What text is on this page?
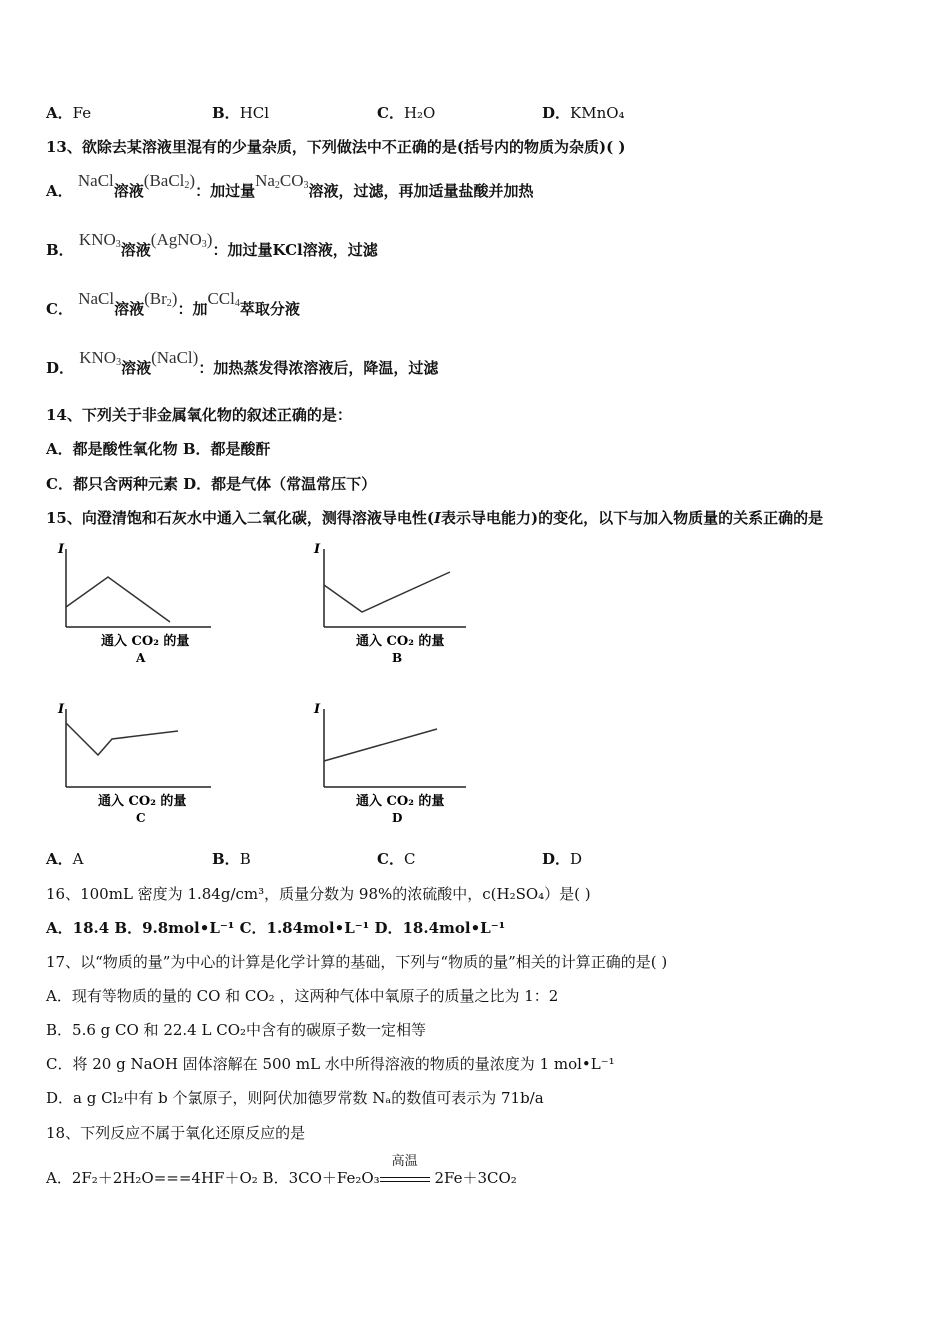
A．Fe	B．HCl	C．H₂O	D．KMnO₄
13、欲除去某溶液里混有的少量杂质，下列做法中不正确的是(括号内的物质为杂质)( )
A． NaCl溶液(BaCl$_2$)：加过量$Na_2CO_3$溶液，过滤，再加适量盐酸并加热
B． $KNO_3$溶液(AgNO$_3$)：加过量KCl溶液，过滤
C． NaCl溶液$(Br_2)$：加CCl$_4$萃取分液
D． $KNO_3$溶液(NaCl)：加热蒸发得浓溶液后，降温，过滤
14、下列关于非金属氧化物的叙述正确的是：
A．都是酸性氧化物 B．都是酸酐
C．都只含两种元素 D．都是气体（常温常压下）
15、向澄清饱和石灰水中通入二氧化碳，测得溶液导电性(I表示导电能力)的变化，以下与加入物质量的关系正确的是
I
通入 CO₂ 的量
A
I
通入 CO₂ 的量
B
I
通入 CO₂ 的量
C
I
通入 CO₂ 的量
D
A．A	B．B	C．C	D．D
16、100mL 密度为 1.84g/cm³，质量分数为 98%的浓硫酸中，c(H₂SO₄）是( )
A．18.4 B．9.8mol•L⁻¹ C．1.84mol•L⁻¹ D．18.4mol•L⁻¹
17、以“物质的量”为中心的计算是化学计算的基础，下列与“物质的量”相关的计算正确的是( )
A．现有等物质的量的 CO 和 CO₂ ，这两种气体中氧原子的质量之比为 1：2
B．5.6 g CO 和 22.4 L CO₂中含有的碳原子数一定相等
C．将 20 g NaOH 固体溶解在 500 mL 水中所得溶液的物质的量浓度为 1 mol•L⁻¹
D．a g Cl₂中有 b 个氯原子，则阿伏加德罗常数 Nₐ的数值可表示为 71b/a
18、下列反应不属于氧化还原反应的是
A．2F₂＋2H₂O===4HF＋O₂ B．3CO＋Fe₂O₃
高温
2Fe＋3CO₂
